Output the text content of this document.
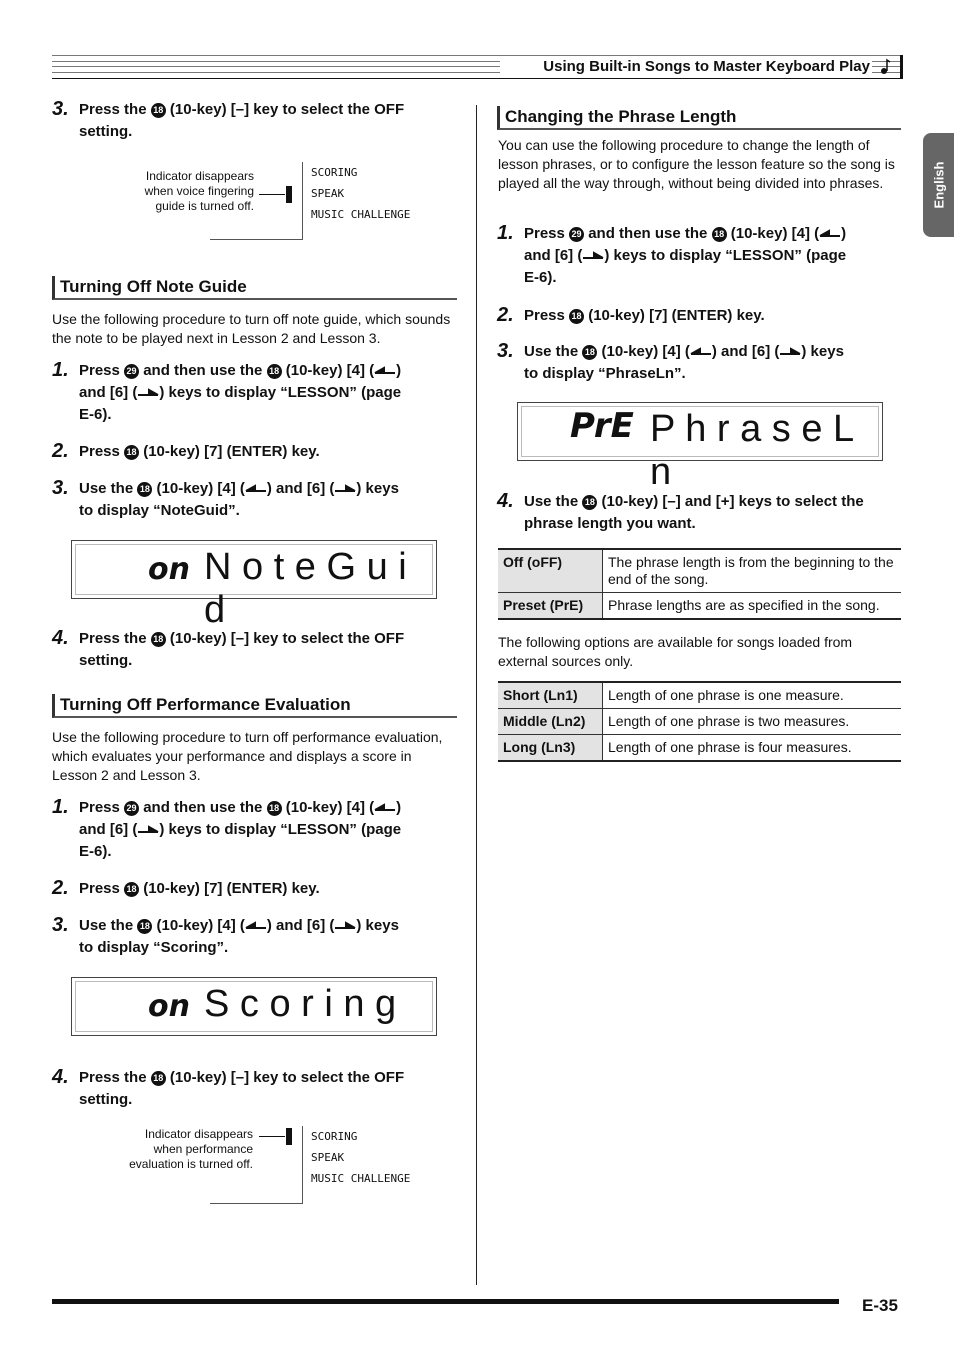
Using Built-in Songs to Master Keyboard Play
English
3. Press the 18 (10-key) [–] key to select the OFF
setting.
Indicator disappears
when voice fingering
guide is turned off.
SCORING
SPEAK
MUSIC CHALLENGE
Turning Off Note Guide
Use the following procedure to turn off note guide, which sounds the note to be played next in Lesson 2 and Lesson 3.
1. Press 29 and then use the 18 (10-key) [4] ( )
and [6] ( ) keys to display “LESSON” (page
E-6).
2. Press 18 (10-key) [7] (ENTER) key.
3. Use the 18 (10-key) [4] ( ) and [6] ( ) keys
to display “NoteGuid”.
on N o t e G u i d
4. Press the 18 (10-key) [–] key to select the OFF
setting.
Turning Off Performance Evaluation
Use the following procedure to turn off performance evaluation, which evaluates your performance and displays a score in Lesson 2 and Lesson 3.
1. Press 29 and then use the 18 (10-key) [4] ( )
and [6] ( ) keys to display “LESSON” (page
E-6).
2. Press 18 (10-key) [7] (ENTER) key.
3. Use the 18 (10-key) [4] ( ) and [6] ( ) keys
to display “Scoring”.
on S c o r i n g
4. Press the 18 (10-key) [–] key to select the OFF
setting.
Indicator disappears
when performance
evaluation is turned off.
SCORING
SPEAK
MUSIC CHALLENGE
Changing the Phrase Length
You can use the following procedure to change the length of lesson phrases, or to configure the lesson feature so the song is played all the way through, without being divided into phrases.
1. Press 29 and then use the 18 (10-key) [4] ( )
and [6] ( ) keys to display “LESSON” (page
E-6).
2. Press 18 (10-key) [7] (ENTER) key.
3. Use the 18 (10-key) [4] ( ) and [6] ( ) keys
to display “PhraseLn”.
PrE P h r a s e L n
4. Use the 18 (10-key) [–] and [+] keys to select the
phrase length you want.
Off (oFF)	The phrase length is from the beginning to the end of the song.
Preset (PrE)	Phrase lengths are as specified in the song.
The following options are available for songs loaded from external sources only.
Short (Ln1)	Length of one phrase is one measure.
Middle (Ln2)	Length of one phrase is two measures.
Long (Ln3)	Length of one phrase is four measures.
E-35
